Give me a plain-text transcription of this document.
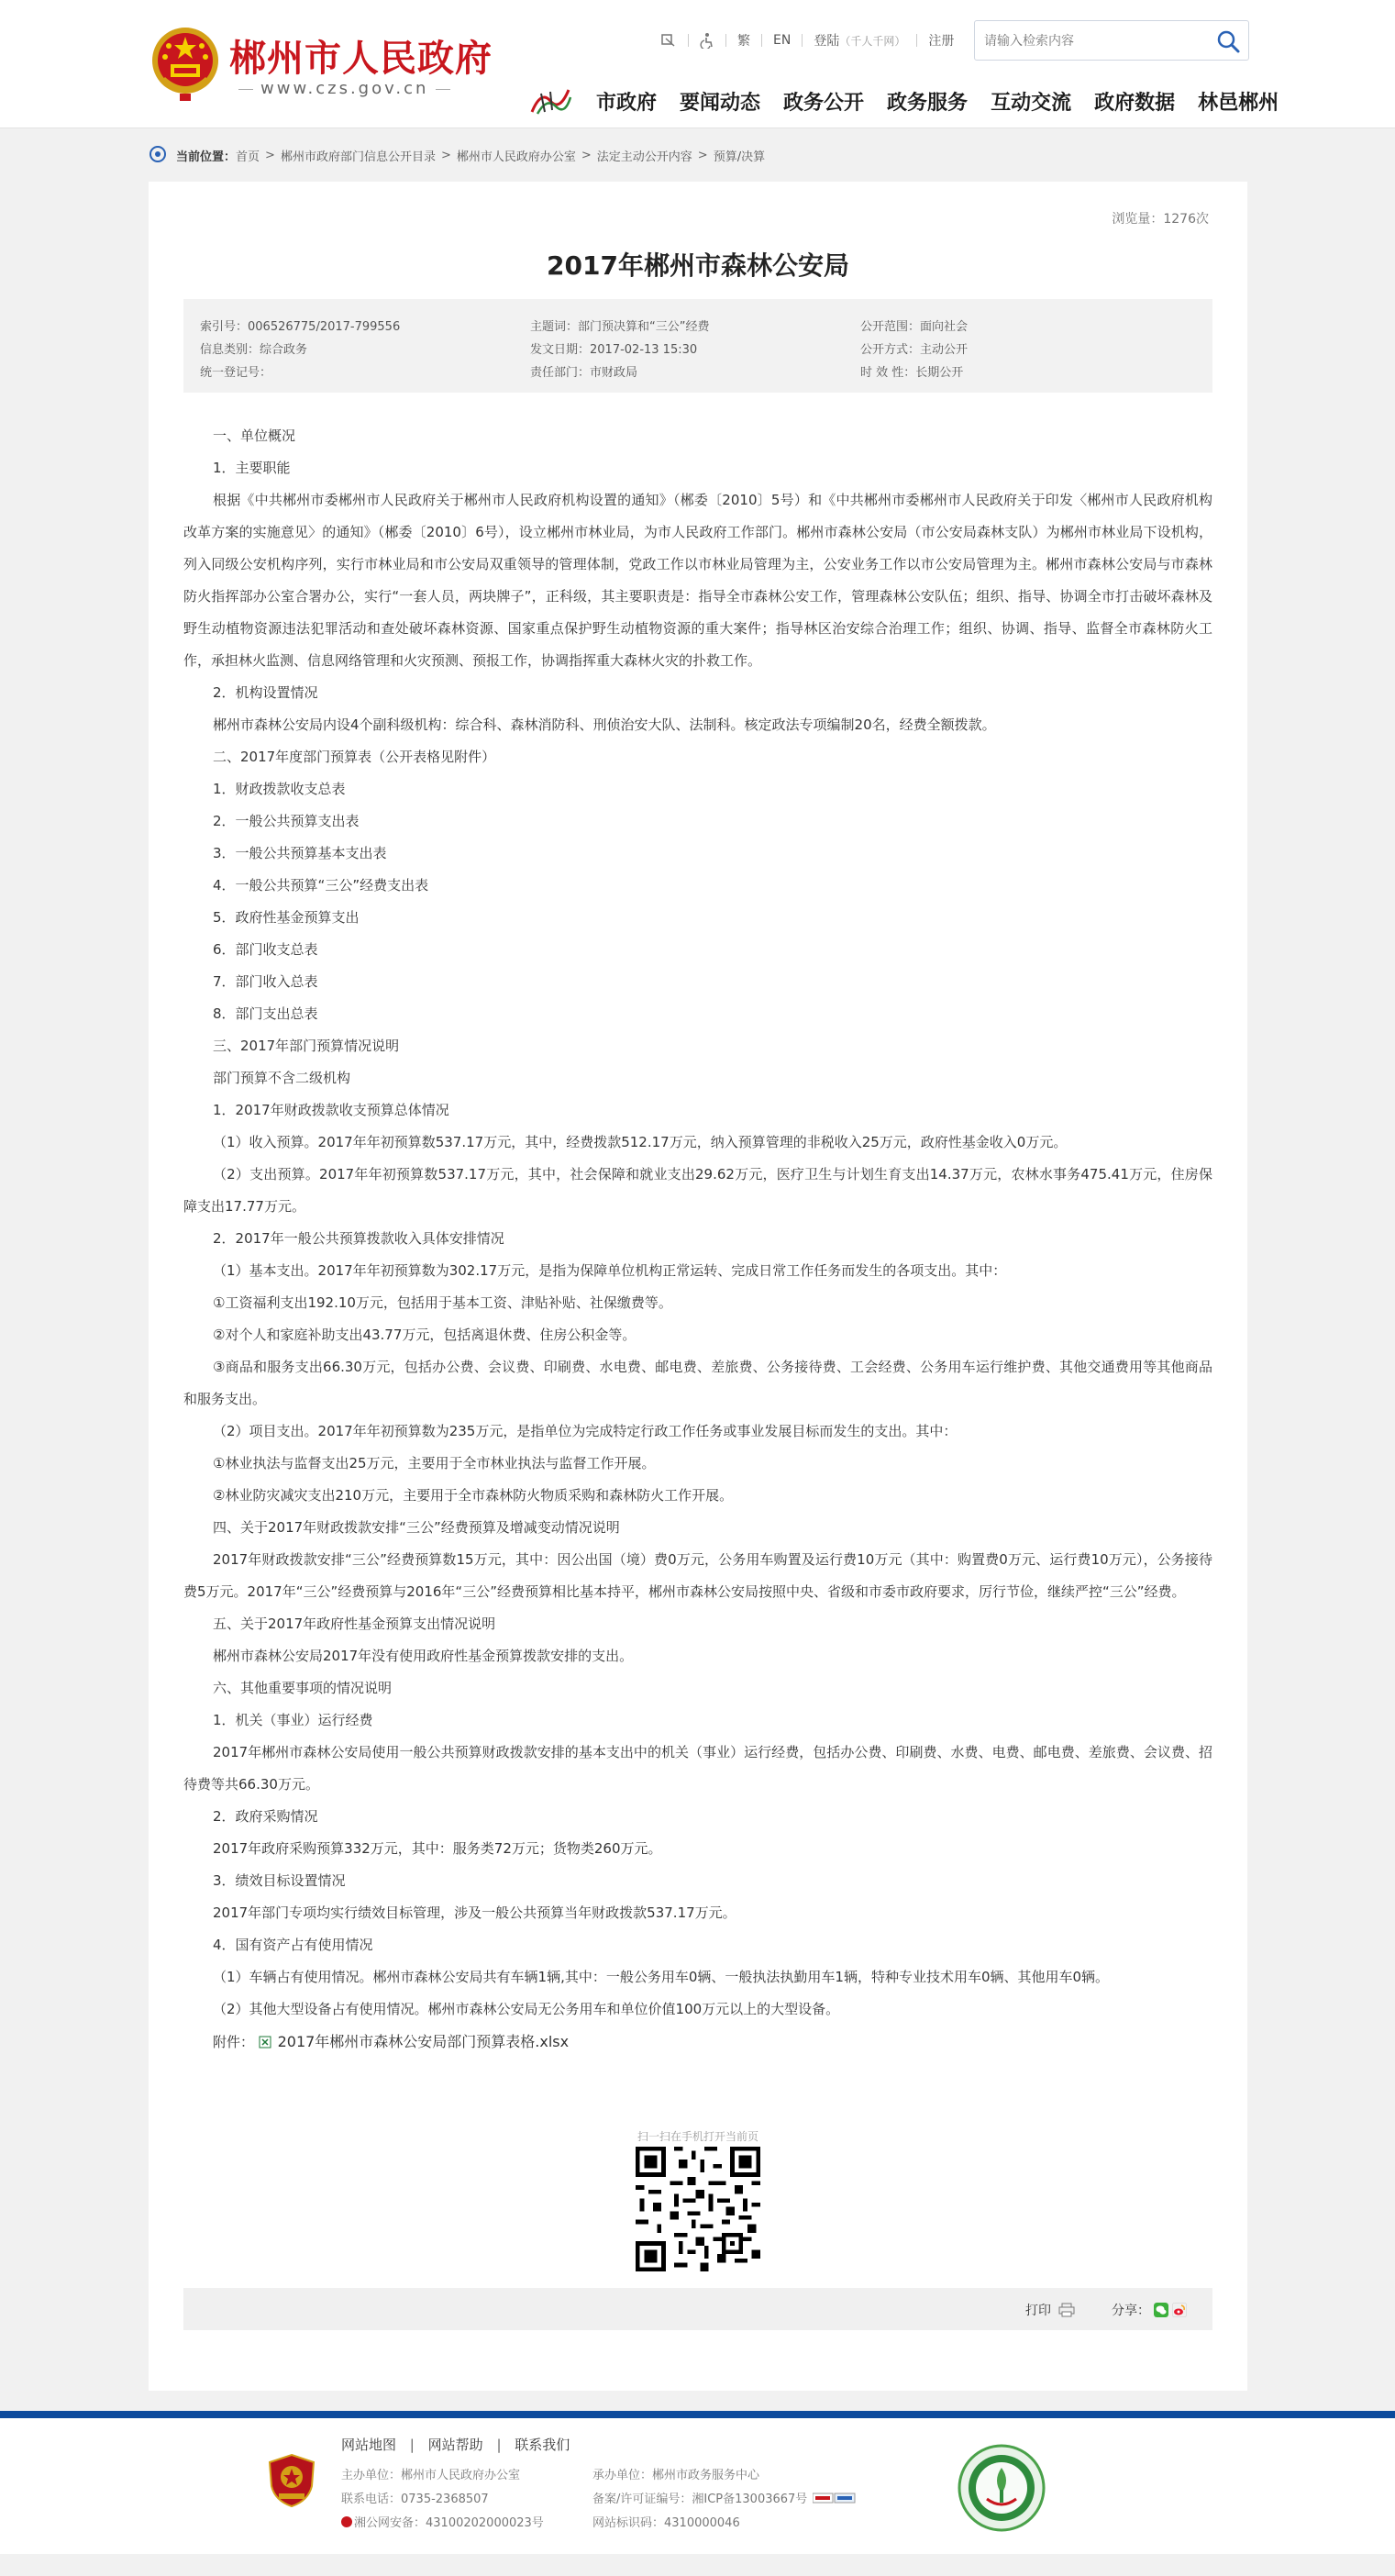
郴州市人民政府
www.czs.gov.cn
繁 EN 登陆 （千人千网） 注册
请输入检索内容
市政府 要闻动态 政务公开 政务服务 互动交流 政府数据 林邑郴州
当前位置： 首页 > 郴州市政府部门信息公开目录 > 郴州市人民政府办公室 > 法定主动公开内容 > 预算/决算
浏览量：1276次
2017年郴州市森林公安局
索引号：006526775/2017-799556	主题词：部门预决算和“三公”经费	公开范围：面向社会
信息类别：综合政务	发文日期：2017-02-13 15:30	公开方式：主动公开
统一登记号：	责任部门：市财政局	时 效 性：长期公开

一、单位概况

1．主要职能

根据《中共郴州市委郴州市人民政府关于郴州市人民政府机构设置的通知》（郴委〔2010〕5号）和《中共郴州市委郴州市人民政府关于印发〈郴州市人民政府机构改革方案的实施意见〉的通知》（郴委〔2010〕6号），设立郴州市林业局，为市人民政府工作部门。郴州市森林公安局（市公安局森林支队）为郴州市林业局下设机构，列入同级公安机构序列，实行市林业局和市公安局双重领导的管理体制，党政工作以市林业局管理为主，公安业务工作以市公安局管理为主。郴州市森林公安局与市森林防火指挥部办公室合署办公，实行“一套人员，两块牌子”，正科级，其主要职责是：指导全市森林公安工作，管理森林公安队伍；组织、指导、协调全市打击破坏森林及野生动植物资源违法犯罪活动和查处破坏森林资源、国家重点保护野生动植物资源的重大案件；指导林区治安综合治理工作；组织、协调、指导、监督全市森林防火工作，承担林火监测、信息网络管理和火灾预测、预报工作，协调指挥重大森林火灾的扑救工作。

2．机构设置情况

郴州市森林公安局内设4个副科级机构：综合科、森林消防科、刑侦治安大队、法制科。核定政法专项编制20名，经费全额拨款。

二、2017年度部门预算表（公开表格见附件）

1．财政拨款收支总表

2．一般公共预算支出表

3．一般公共预算基本支出表

4．一般公共预算“三公”经费支出表

5．政府性基金预算支出

6．部门收支总表

7．部门收入总表

8．部门支出总表

三、2017年部门预算情况说明

部门预算不含二级机构

1．2017年财政拨款收支预算总体情况

（1）收入预算。2017年年初预算数537.17万元，其中，经费拨款512.17万元，纳入预算管理的非税收入25万元，政府性基金收入0万元。

（2）支出预算。2017年年初预算数537.17万元，其中，社会保障和就业支出29.62万元，医疗卫生与计划生育支出14.37万元，农林水事务475.41万元，住房保障支出17.77万元。

2．2017年一般公共预算拨款收入具体安排情况

（1）基本支出。2017年年初预算数为302.17万元，是指为保障单位机构正常运转、完成日常工作任务而发生的各项支出。其中：

①工资福利支出192.10万元，包括用于基本工资、津贴补贴、社保缴费等。

②对个人和家庭补助支出43.77万元，包括离退休费、住房公积金等。

③商品和服务支出66.30万元，包括办公费、会议费、印刷费、水电费、邮电费、差旅费、公务接待费、工会经费、公务用车运行维护费、其他交通费用等其他商品和服务支出。

（2）项目支出。2017年年初预算数为235万元，是指单位为完成特定行政工作任务或事业发展目标而发生的支出。其中：

①林业执法与监督支出25万元，主要用于全市林业执法与监督工作开展。

②林业防灾减灾支出210万元，主要用于全市森林防火物质采购和森林防火工作开展。

四、关于2017年财政拨款安排“三公”经费预算及增减变动情况说明

2017年财政拨款安排“三公”经费预算数15万元，其中：因公出国（境）费0万元，公务用车购置及运行费10万元（其中：购置费0万元、运行费10万元），公务接待费5万元。2017年“三公”经费预算与2016年“三公”经费预算相比基本持平，郴州市森林公安局按照中央、省级和市委市政府要求，厉行节俭，继续严控“三公”经费。

五、关于2017年政府性基金预算支出情况说明

郴州市森林公安局2017年没有使用政府性基金预算拨款安排的支出。

六、其他重要事项的情况说明

1．机关（事业）运行经费

2017年郴州市森林公安局使用一般公共预算财政拨款安排的基本支出中的机关（事业）运行经费，包括办公费、印刷费、水费、电费、邮电费、差旅费、会议费、招待费等共66.30万元。

2．政府采购情况

2017年政府采购预算332万元，其中：服务类72万元；货物类260万元。

3．绩效目标设置情况

2017年部门专项均实行绩效目标管理，涉及一般公共预算当年财政拨款537.17万元。

4．国有资产占有使用情况

（1）车辆占有使用情况。郴州市森林公安局共有车辆1辆,其中：一般公务用车0辆、一般执法执勤用车1辆，特种专业技术用车0辆、其他用车0辆。

（2）其他大型设备占有使用情况。郴州市森林公安局无公务用车和单位价值100万元以上的大型设备。

附件： 2017年郴州市森林公安局部门预算表格.xlsx
扫一扫在手机打开当前页
打印	分享：
网站地图 | 网站帮助 | 联系我们
主办单位：郴州市人民政府办公室
联系电话：0735-2368507
湘公网安备：43100202000023号
承办单位：郴州市政务服务中心
备案/许可证编号：湘ICP备13003667号
网站标识码：4310000046
